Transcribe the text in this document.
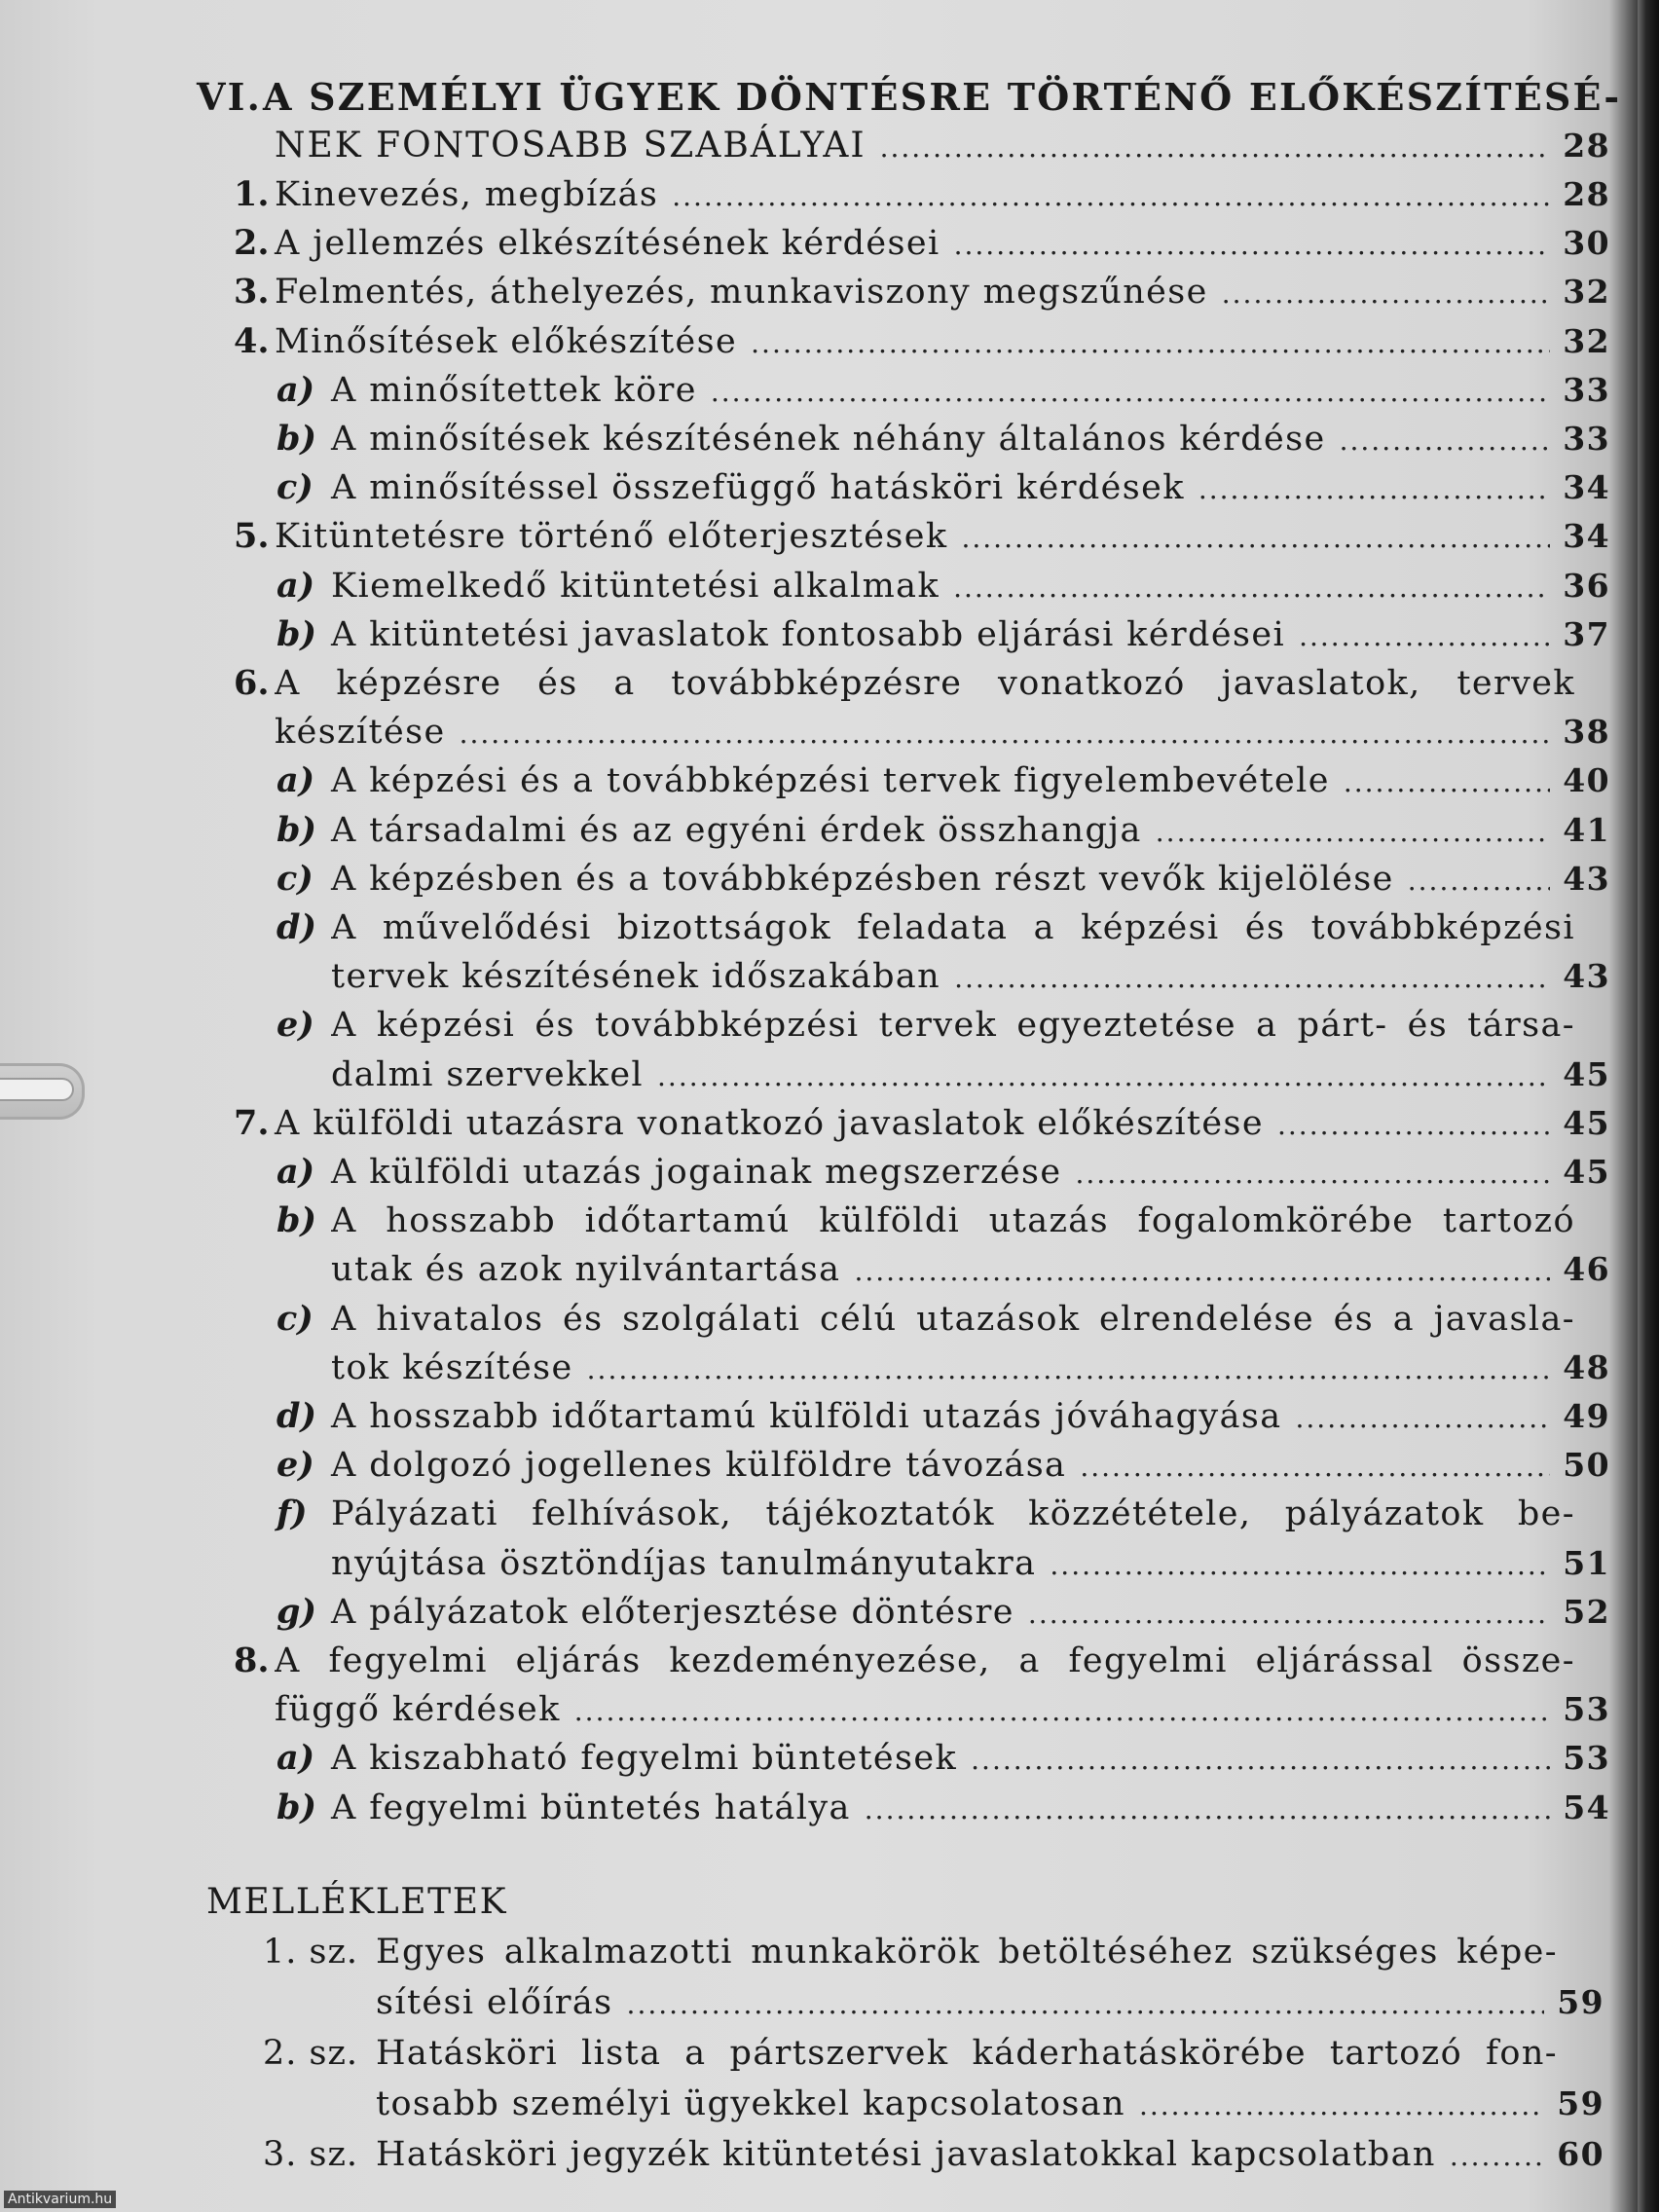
VI. A SZEMÉLYI ÜGYEK DÖNTÉSRE TÖRTÉNŐ ELŐKÉSZÍTÉSÉ-
NEK FONTOSABB SZABÁLYAI .....	28
1. Kinevezés, megbízás .....	28
2. A jellemzés elkészítésének kérdései .....	30
3. Felmentés, áthelyezés, munkaviszony megszűnése .....	32
4. Minősítések előkészítése .....	32
a) A minősítettek köre .....	33
b) A minősítések készítésének néhány általános kérdése .....	33
c) A minősítéssel összefüggő hatásköri kérdések .....	34
5. Kitüntetésre történő előterjesztések .....	34
a) Kiemelkedő kitüntetési alkalmak .....	36
b) A kitüntetési javaslatok fontosabb eljárási kérdései .....	37
6. A képzésre és a továbbképzésre vonatkozó javaslatok, tervek
készítése .....	38
a) A képzési és a továbbképzési tervek figyelembevétele .....	40
b) A társadalmi és az egyéni érdek összhangja .....	41
c) A képzésben és a továbbképzésben részt vevők kijelölése .....	43
d) A művelődési bizottságok feladata a képzési és továbbképzési
tervek készítésének időszakában .....	43
e) A képzési és továbbképzési tervek egyeztetése a párt- és társa-
dalmi szervekkel .....	45
7. A külföldi utazásra vonatkozó javaslatok előkészítése .....	45
a) A külföldi utazás jogainak megszerzése .....	45
b) A hosszabb időtartamú külföldi utazás fogalomkörébe tartozó
utak és azok nyilvántartása .....	46
c) A hivatalos és szolgálati célú utazások elrendelése és a javasla-
tok készítése .....	48
d) A hosszabb időtartamú külföldi utazás jóváhagyása .....	49
e) A dolgozó jogellenes külföldre távozása .....	50
f) Pályázati felhívások, tájékoztatók közzététele, pályázatok be-
nyújtása ösztöndíjas tanulmányutakra .....	51
g) A pályázatok előterjesztése döntésre .....	52
8. A fegyelmi eljárás kezdeményezése, a fegyelmi eljárással össze-
függő kérdések .....	53
a) A kiszabható fegyelmi büntetések .....	53
b) A fegyelmi büntetés hatálya .....	54
MELLÉKLETEK
1. sz. Egyes alkalmazotti munkakörök betöltéséhez szükséges képe-
sítési előírás .....	59
2. sz. Hatásköri lista a pártszervek káderhatáskörébe tartozó fon-
tosabb személyi ügyekkel kapcsolatosan .....	59
3. sz. Hatásköri jegyzék kitüntetési javaslatokkal kapcsolatban .....	60
Antikvarium.hu
